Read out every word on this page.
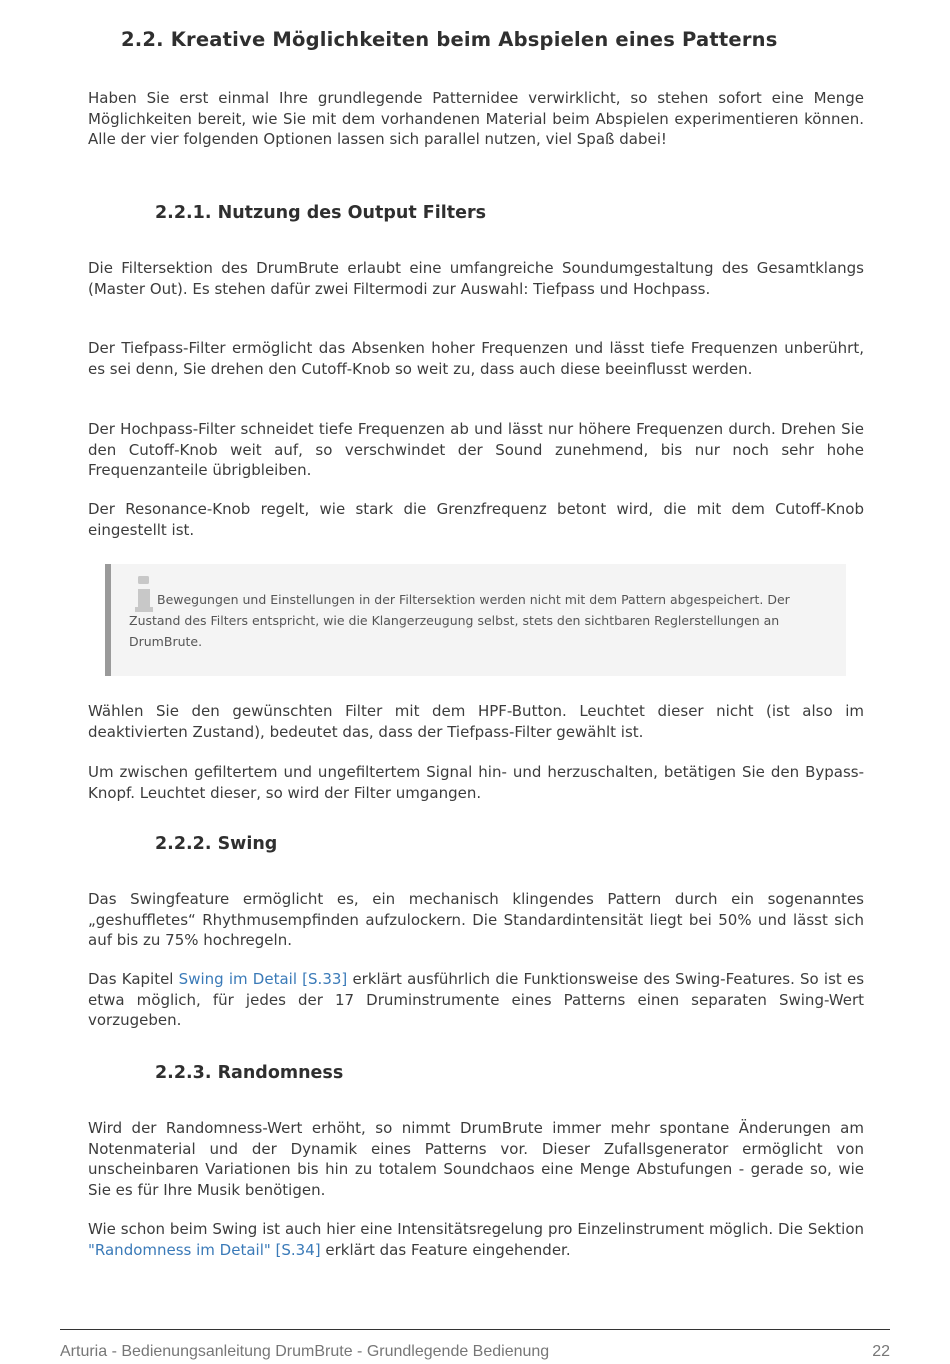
2.2. Kreative Möglichkeiten beim Abspielen eines Patterns

Haben Sie erst einmal Ihre grundlegende Patternidee verwirklicht, so stehen sofort eine Menge Möglichkeiten bereit, wie Sie mit dem vorhandenen Material beim Abspielen experimentieren können. Alle der vier folgenden Optionen lassen sich parallel nutzen, viel Spaß dabei!

2.2.1. Nutzung des Output Filters

Die Filtersektion des DrumBrute erlaubt eine umfangreiche Soundumgestaltung des Gesamtklangs (Master Out). Es stehen dafür zwei Filtermodi zur Auswahl: Tiefpass und Hochpass.

Der Tiefpass-Filter ermöglicht das Absenken hoher Frequenzen und lässt tiefe Frequenzen unberührt, es sei denn, Sie drehen den Cutoff-Knob so weit zu, dass auch diese beeinflusst werden.

Der Hochpass-Filter schneidet tiefe Frequenzen ab und lässt nur höhere Frequenzen durch. Drehen Sie den Cutoff-Knob weit auf, so verschwindet der Sound zunehmend, bis nur noch sehr hohe Frequenzanteile übrigbleiben.

Der Resonance-Knob regelt, wie stark die Grenzfrequenz betont wird, die mit dem Cutoff-Knob eingestellt ist.

Bewegungen und Einstellungen in der Filtersektion werden nicht mit dem Pattern abgespeichert. Der Zustand des Filters entspricht, wie die Klangerzeugung selbst, stets den sichtbaren Reglerstellungen an DrumBrute.

Wählen Sie den gewünschten Filter mit dem HPF-Button. Leuchtet dieser nicht (ist also im deaktivierten Zustand), bedeutet das, dass der Tiefpass-Filter gewählt ist.

Um zwischen gefiltertem und ungefiltertem Signal hin- und herzuschalten, betätigen Sie den Bypass-Knopf. Leuchtet dieser, so wird der Filter umgangen.

2.2.2. Swing

Das Swingfeature ermöglicht es, ein mechanisch klingendes Pattern durch ein sogenanntes „geshuffletes“ Rhythmusempfinden aufzulockern. Die Standardintensität liegt bei 50% und lässt sich auf bis zu 75% hochregeln.

Das Kapitel Swing im Detail [S.33] erklärt ausführlich die Funktionsweise des Swing-Features. So ist es etwa möglich, für jedes der 17 Druminstrumente eines Patterns einen separaten Swing-Wert vorzugeben.

2.2.3. Randomness

Wird der Randomness-Wert erhöht, so nimmt DrumBrute immer mehr spontane Änderungen am Notenmaterial und der Dynamik eines Patterns vor. Dieser Zufallsgenerator ermöglicht von unscheinbaren Variationen bis hin zu totalem Soundchaos eine Menge Abstufungen - gerade so, wie Sie es für Ihre Musik benötigen.

Wie schon beim Swing ist auch hier eine Intensitätsregelung pro Einzelinstrument möglich. Die Sektion "Randomness im Detail" [S.34] erklärt das Feature eingehender.

Arturia - Bedienungsanleitung DrumBrute - Grundlegende Bedienung	22
